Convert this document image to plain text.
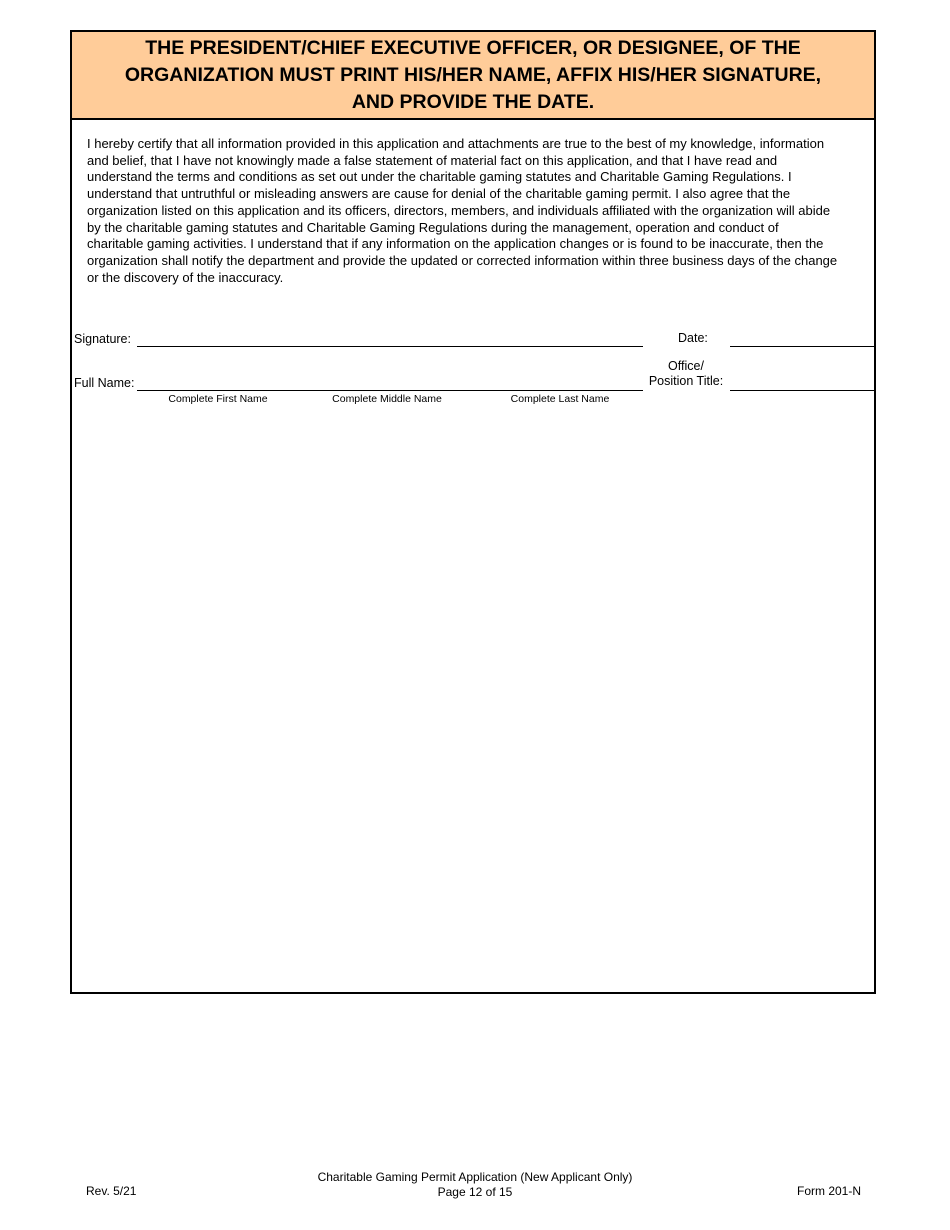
THE PRESIDENT/CHIEF EXECUTIVE OFFICER, OR DESIGNEE, OF THE
ORGANIZATION MUST PRINT HIS/HER NAME, AFFIX HIS/HER SIGNATURE,
AND PROVIDE THE DATE.

I hereby certify that all information provided in this application and attachments are true to the best of my knowledge, information
and belief, that I have not knowingly made a false statement of material fact on this application, and that I have read and
understand the terms and conditions as set out under the charitable gaming statutes and Charitable Gaming Regulations. I
understand that untruthful or misleading answers are cause for denial of the charitable gaming permit. I also agree that the
organization listed on this application and its officers, directors, members, and individuals affiliated with the organization will abide
by the charitable gaming statutes and Charitable Gaming Regulations during the management, operation and conduct of
charitable gaming activities. I understand that if any information on the application changes or is found to be inaccurate, then the
organization shall notify the department and provide the updated or corrected information within three business days of the change
or the discovery of the inaccuracy.

Signature:	Date:
Full Name:
Office/
Position Title:
Complete First Name	Complete Middle Name	Complete Last Name
Rev. 5/21
Charitable Gaming Permit Application (New Applicant Only)
Page 12 of 15	Form 201-N
